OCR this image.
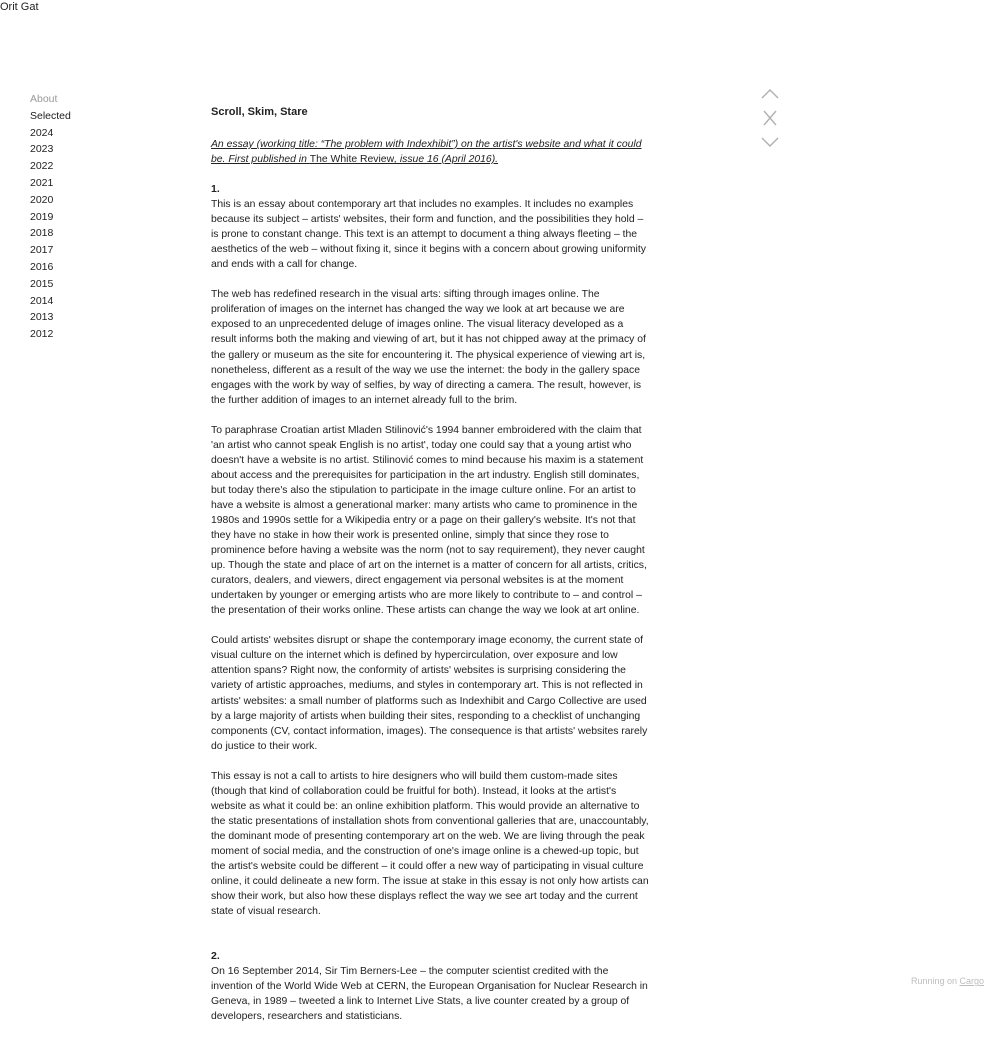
Orit Gat
About
Selected
2024
2023
2022
2021
2020
2019
2018
2017
2016
2015
2014
2013
2012
Scroll, Skim, Stare

An essay (working title: “The problem with Indexhibit”) on the artist's website and what it could be. First published in The White Review, issue 16 (April 2016).

1.

This is an essay about contemporary art that includes no examples. It includes no examples because its subject – artists' websites, their form and function, and the possibilities they hold – is prone to constant change. This text is an attempt to document a thing always fleeting – the aesthetics of the web – without fixing it, since it begins with a concern about growing uniformity and ends with a call for change.

The web has redefined research in the visual arts: sifting through images online. The proliferation of images on the internet has changed the way we look at art because we are exposed to an unprecedented deluge of images online. The visual literacy developed as a result informs both the making and viewing of art, but it has not chipped away at the primacy of the gallery or museum as the site for encountering it. The physical experience of viewing art is, nonetheless, different as a result of the way we use the internet: the body in the gallery space engages with the work by way of selfies, by way of directing a camera. The result, however, is the further addition of images to an internet already full to the brim.

To paraphrase Croatian artist Mladen Stilinović's 1994 banner embroidered with the claim that 'an artist who cannot speak English is no artist', today one could say that a young artist who doesn't have a website is no artist. Stilinović comes to mind because his maxim is a statement about access and the prerequisites for participation in the art industry. English still dominates, but today there's also the stipulation to participate in the image culture online. For an artist to have a website is almost a generational marker: many artists who came to prominence in the 1980s and 1990s settle for a Wikipedia entry or a page on their gallery's website. It's not that they have no stake in how their work is presented online, simply that since they rose to prominence before having a website was the norm (not to say requirement), they never caught up. Though the state and place of art on the internet is a matter of concern for all artists, critics, curators, dealers, and viewers, direct engagement via personal websites is at the moment undertaken by younger or emerging artists who are more likely to contribute to – and control – the presentation of their works online. These artists can change the way we look at art online.

Could artists' websites disrupt or shape the contemporary image economy, the current state of visual culture on the internet which is defined by hypercirculation, over exposure and low attention spans? Right now, the conformity of artists' websites is surprising considering the variety of artistic approaches, mediums, and styles in contemporary art. This is not reflected in artists' websites: a small number of platforms such as Indexhibit and Cargo Collective are used by a large majority of artists when building their sites, responding to a checklist of unchanging components (CV, contact information, images). The consequence is that artists' websites rarely do justice to their work.

This essay is not a call to artists to hire designers who will build them custom-made sites (though that kind of collaboration could be fruitful for both). Instead, it looks at the artist's website as what it could be: an online exhibition platform. This would provide an alternative to the static presentations of installation shots from conventional galleries that are, unaccountably, the dominant mode of presenting contemporary art on the web. We are living through the peak moment of social media, and the construction of one's image online is a chewed-up topic, but the artist's website could be different – it could offer a new way of participating in visual culture online, it could delineate a new form. The issue at stake in this essay is not only how artists can show their work, but also how these displays reflect the way we see art today and the current state of visual research.

2.

On 16 September 2014, Sir Tim Berners-Lee – the computer scientist credited with the invention of the World Wide Web at CERN, the European Organisation for Nuclear Research in Geneva, in 1989 – tweeted a link to Internet Live Stats, a live counter created by a group of developers, researchers and statisticians.

Running on Cargo
